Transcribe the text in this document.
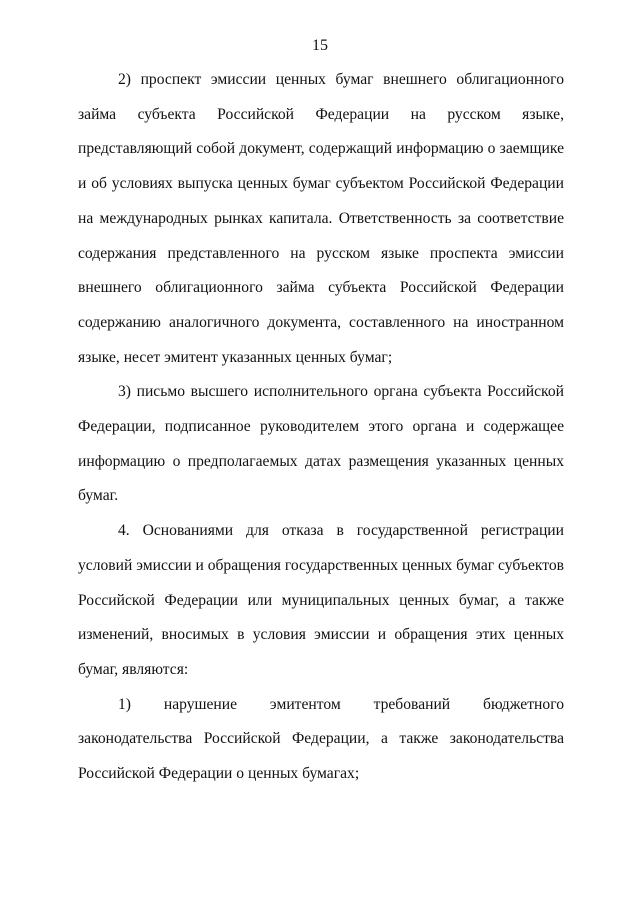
15

2) проспект эмиссии ценных бумаг внешнего облигационного займа субъекта Российской Федерации на русском языке, представляющий собой документ, содержащий информацию о заемщике и об условиях выпуска ценных бумаг субъектом Российской Федерации на международных рынках капитала. Ответственность за соответствие содержания представленного на русском языке проспекта эмиссии внешнего облигационного займа субъекта Российской Федерации содержанию аналогичного документа, составленного на иностранном языке, несет эмитент указанных ценных бумаг;

3) письмо высшего исполнительного органа субъекта Российской Федерации, подписанное руководителем этого органа и содержащее информацию о предполагаемых датах размещения указанных ценных бумаг.

4. Основаниями для отказа в государственной регистрации условий эмиссии и обращения государственных ценных бумаг субъектов Российской Федерации или муниципальных ценных бумаг, а также изменений, вносимых в условия эмиссии и обращения этих ценных бумаг, являются:

1) нарушение эмитентом требований бюджетного законодательства Российской Федерации, а также законодательства Российской Федерации о ценных бумагах;
